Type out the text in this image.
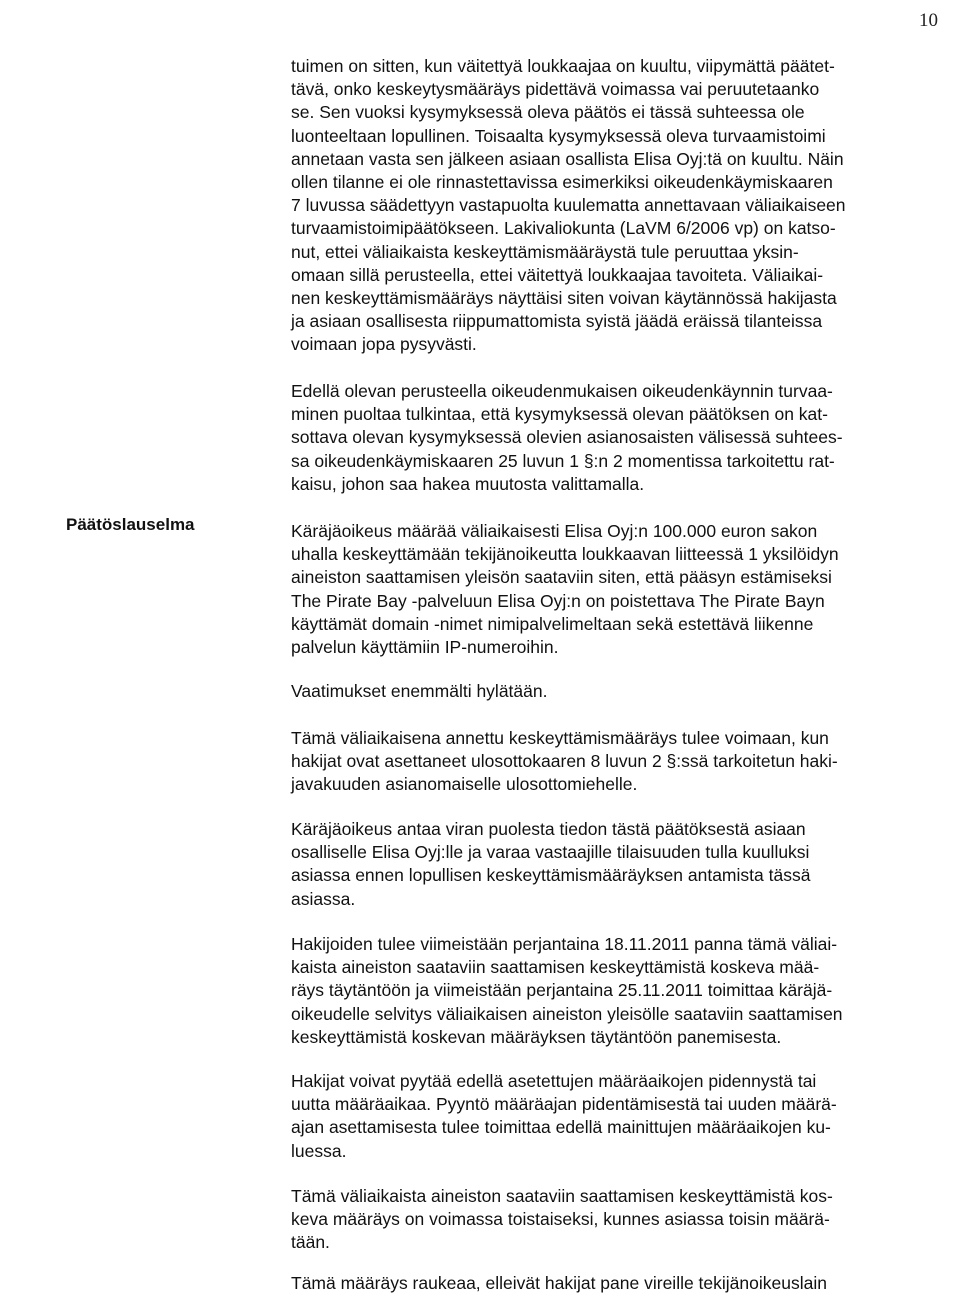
10
Päätöslauselma
tuimen on sitten, kun väitettyä loukkaajaa on kuultu, viipymättä päätet-
tävä, onko keskeytysmääräys pidettävä voimassa vai peruutetaanko
se. Sen vuoksi kysymyksessä oleva päätös ei tässä suhteessa ole
luonteeltaan lopullinen. Toisaalta kysymyksessä oleva turvaamistoimi
annetaan vasta sen jälkeen asiaan osallista Elisa Oyj:tä on kuultu. Näin
ollen tilanne ei ole rinnastettavissa esimerkiksi oikeudenkäymiskaaren
7 luvussa säädettyyn vastapuolta kuulematta annettavaan väliaikaiseen
turvaamistoimipäätökseen. Lakivaliokunta (LaVM 6/2006 vp) on katso-
nut, ettei väliaikaista keskeyttämismääräystä tule peruuttaa yksin-
omaan sillä perusteella, ettei väitettyä loukkaajaa tavoiteta. Väliaikai-
nen keskeyttämismääräys näyttäisi siten voivan käytännössä hakijasta
ja asiaan osallisesta riippumattomista syistä jäädä eräissä tilanteissa
voimaan jopa pysyvästi.
Edellä olevan perusteella oikeudenmukaisen oikeudenkäynnin turvaa-
minen puoltaa tulkintaa, että kysymyksessä olevan päätöksen on kat-
sottava olevan kysymyksessä olevien asianosaisten välisessä suhtees-
sa oikeudenkäymiskaaren 25 luvun 1 §:n 2 momentissa tarkoitettu rat-
kaisu, johon saa hakea muutosta valittamalla.
Käräjäoikeus määrää väliaikaisesti Elisa Oyj:n 100.000 euron sakon
uhalla keskeyttämään tekijänoikeutta loukkaavan liitteessä 1 yksilöidyn
aineiston saattamisen yleisön saataviin siten, että pääsyn estämiseksi
The Pirate Bay -palveluun Elisa Oyj:n on poistettava The Pirate Bayn
käyttämät domain -nimet nimipalvelimeltaan sekä estettävä liikenne
palvelun käyttämiin IP-numeroihin.
Vaatimukset enemmälti hylätään.
Tämä väliaikaisena annettu keskeyttämismääräys tulee voimaan, kun
hakijat ovat asettaneet ulosottokaaren 8 luvun 2 §:ssä tarkoitetun haki-
javakuuden asianomaiselle ulosottomiehelle.
Käräjäoikeus antaa viran puolesta tiedon tästä päätöksestä asiaan
osalliselle Elisa Oyj:lle ja varaa vastaajille tilaisuuden tulla kuulluksi
asiassa ennen lopullisen keskeyttämismääräyksen antamista tässä
asiassa.
Hakijoiden tulee viimeistään perjantaina 18.11.2011 panna tämä väliai-
kaista aineiston saataviin saattamisen keskeyttämistä koskeva mää-
räys täytäntöön ja viimeistään perjantaina 25.11.2011 toimittaa käräjä-
oikeudelle selvitys väliaikaisen aineiston yleisölle saataviin saattamisen
keskeyttämistä koskevan määräyksen täytäntöön panemisesta.
Hakijat voivat pyytää edellä asetettujen määräaikojen pidennystä tai
uutta määräaikaa. Pyyntö määräajan pidentämisestä tai uuden määrä-
ajan asettamisesta tulee toimittaa edellä mainittujen määräaikojen ku-
luessa.
Tämä väliaikaista aineiston saataviin saattamisen keskeyttämistä kos-
keva määräys on voimassa toistaiseksi, kunnes asiassa toisin määrä-
tään.
Tämä määräys raukeaa, elleivät hakijat pane vireille tekijänoikeuslain
